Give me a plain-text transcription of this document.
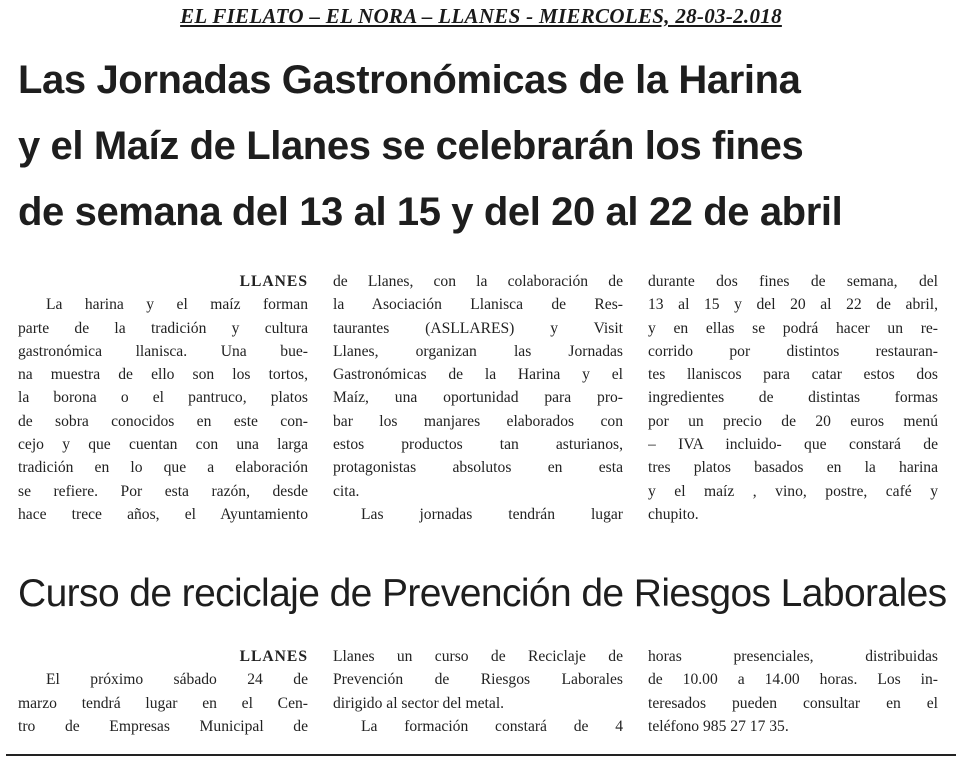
EL FIELATO – EL NORA – LLANES - MIERCOLES, 28-03-2.018
Las Jornadas Gastronómicas de la Harina
y el Maíz de Llanes se celebrarán los fines
de semana del 13 al 15 y del 20 al 22 de abril
LLANES
La harina y el maíz forman
parte de la tradición y cultura
gastronómica llanisca. Una bue-
na muestra de ello son los tortos,
la borona o el pantruco, platos
de sobra conocidos en este con-
cejo y que cuentan con una larga
tradición en lo que a elaboración
se refiere. Por esta razón, desde
hace trece años, el Ayuntamiento
de Llanes, con la colaboración de
la Asociación Llanisca de Res-
taurantes (ASLLARES) y Visit
Llanes, organizan las Jornadas
Gastronómicas de la Harina y el
Maíz, una oportunidad para pro-
bar los manjares elaborados con
estos productos tan asturianos,
protagonistas absolutos en esta
cita.
Las jornadas tendrán lugar
durante dos fines de semana, del
13 al 15 y del 20 al 22 de abril,
y en ellas se podrá hacer un re-
corrido por distintos restauran-
tes llaniscos para catar estos dos
ingredientes de distintas formas
por un precio de 20 euros menú
– IVA incluido- que constará de
tres platos basados en la harina
y el maíz , vino, postre, café y
chupito.
Curso de reciclaje de Prevención de Riesgos Laborales
LLANES
El próximo sábado 24 de
marzo tendrá lugar en el Cen-
tro de Empresas Municipal de
Llanes un curso de Reciclaje de
Prevención de Riesgos Laborales
dirigido al sector del metal.
La formación constará de 4
horas presenciales, distribuidas
de 10.00 a 14.00 horas. Los in-
teresados pueden consultar en el
teléfono 985 27 17 35.
